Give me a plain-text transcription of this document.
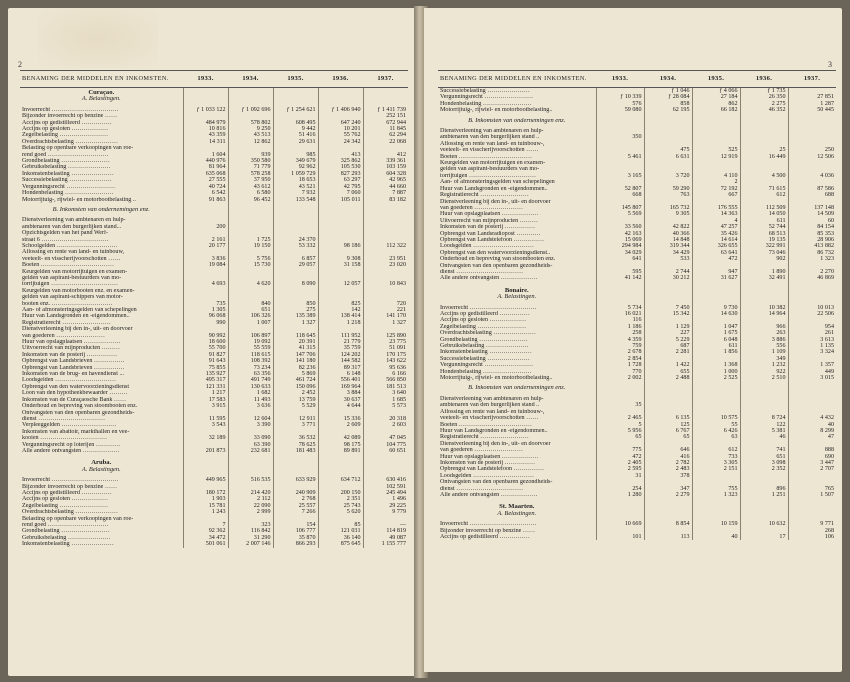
2
BENAMING DER MIDDELEN EN INKOMSTEN.	1933.	1934.	1935.	1936.	1937.
Curaçao.					
A. Belastingen.					

Invoerrecht ……………………………	ƒ 1 033 122	ƒ 1 092 696	ƒ 1 254 621	ƒ 1 406 940	ƒ 1 411 739
Bijzonder invoerrecht op benzine ……					252 151
Accijns op gedistilleerd ……………	484 979	578 802	608 495	647 240	672 944
Accijns op gesloten ………………	10 816	9 250	9 442	10 201	11 845
Zegelbelasting ……………………	43 359	43 513	51 416	55 762	62 294
Overdrachtsbelasting …………………	14 311	12 862	29 631	24 342	22 068
Belasting op openbare verkoopingen van roe-					
rend goed …………………………	1 604	939	985	413	412
Grondbelasting ……………………	440 976	350 580	349 679	325 862	339 361
Gebruiksbelasting …………………	81 964	71 779	92 962	105 530	103 159
Inkomstenbelasting …………………	635 068	578 258	1 059 729	827 293	604 328
Successiebelasting …………………	27 555	37 950	18 653	63 297	42 965
Vergunningsrecht ……………………	40 724	43 612	43 521	42 795	44 660
Hondenbelasting ……………………	6 542	6 580	7 932	7 060	7 887
Motorrijtuig-, rijwiel- en motorbootbelasting ..	91 863	96 452	133 548	105 011	83 182

B. Inkomsten van ondernemingen enz.					

Dienstverleening van ambtenaren en hulp-					
ambtenaren van den burgerlijken stand...	200				
Opzichtsgelden van het pand Werf-					
straat 6 ……………………………	2 161	1 725	24 370		
Schoolgelden …………………………	20 177	19 150	53 332	98 186	112 322
Aflossing en rente van land- en tuinbouw,					
veeteelt- en visscherijvoorschotten ……	3 836	5 756	6 857	9 308	23 951
Boeten ………………………………	19 084	15 730	29 057	31 158	23 020
Keurgelden van motorrijtuigen en examen-					
gelden van aspirant-bestuurders van mo-					
torrijtuigen ……………………………	4 693	4 620	8 090	12 057	10 843
Keurgelden van motorbooten enz. en examen-					
gelden van aspirant-schippers van motor-					
booten enz. …………………………	735	840	850	825	720
Aan- of afmonsteringsgelden van schepelingen	1 305	651	275	142	221
Huur van Landsgronden en -eigendommen..	96 068	106 326	135 389	138 414	141 170
Registratierecht ……………………	990	1 007	1 327	1 218	1 327
Dienstverleening bij den in-, uit- en doorvoer					
van goederen ……………………	90 992	106 897	118 645	111 952	125 890
Huur van opslagplaatsen ………………	18 600	19 092	20 391	21 779	23 775
Uitvoerrecht van mijnproducten ………	55 700	55 559	41 315	35 759	51 091
Inkomsten van de posterij ……………	91 827	118 615	147 706	124 202	170 175
Opbrengst van Landsbrieven ……………	91 643	108 392	141 180	144 582	143 622
Opbrengst van Landsbrieven ……………	75 855	73 234	82 236	89 317	95 636
Inkomsten van de brug- en havendienst ...	135 927	63 356	5 869	6 148	6 166
Loodsgelden …………………………	495 317	491 749	461 724	556 401	566 850
Opbrengst van den watervoorzieningsdienst	121 331	130 633	150 096	169 964	181 513
Loon van den hypotheekbewaarder ………	1 217	1 682	2 452	3 884	3 640
Inkomsten van de Curaçaosche Bank ……	17 583	11 493	13 759	30 637	1 685
Onderhoud en bepreving van stoombooten enz.	3 915	3 636	5 529	4 644	5 573
Ontvangsten van den openbaren gezondheids-					
dienst ……………………………	11 595	12 604	12 911	15 336	20 318
Verpleeggelden ………………………	3 543	3 390	3 771	2 609	2 603
Inkomsten van abattoir, markthallen en vee-					
kooien ……………………………	32 189	33 090	36 532	42 089	47 045
Vergunningsrecht op loterijen …………		63 390	78 625	98 175	104 775
Alle andere ontvangsten ………………	201 873	232 681	181 483	89 891	60 651

Aruba.					
A. Belastingen.					

Invoerrecht ……………………………	449 965	516 535	633 929	634 712	630 416
Bijzonder invoerrecht op benzine ……					102 591
Accijns op gedistilleerd ……………	180 172	214 420	240 909	200 150	245 494
Accijns op gesloten ………………	1 903	2 112	2 768	2 351	1 496
Zegelbelasting ……………………	15 781	22 090	25 557	25 743	29 225
Overdrachtsbelasting …………………	1 243	2 999	7 266	5 620	9 779
Belasting op openbare verkoopingen van roe-					
rend goed …………………………	7	323	154	85	—
Grondbelasting ……………………	92 362	116 842	106 777	121 031	114 819
Gebruiksbelasting …………………	34 472	31 290	35 870	36 140	49 087
Inkomstenbelasting …………………	501 061	2 007 146	866 293	875 645	1 155 777
3
BENAMING DER MIDDELEN EN INKOMSTEN.	1933.	1934.	1935.	1936.	1937.
Successiebelasting …………………		ƒ 1 046	ƒ 4 066	ƒ 1 735	
Vergunningsrecht ……………………	ƒ 10 339	ƒ 28 084	27 184	26 350	27 851
Hondenbelasting ……………………	576	858	862	2 275	1 287
Motorrijtuig-, rijwiel- en motorbootbelasting..	59 080	62 195	66 182	46 352	50 445

B. Inkomsten van ondernemingen enz.					

Dienstverleening van ambtenaren en hulp-					
ambtenaren van den burgerlijken stand ..	350				
Aflossing en rente van land- en tuinbouw-,					
veeteelt- en visscherijvoorschotten ……		475	525	25	250
Boeten ………………………………	5 461	6 631	12 919	16 449	12 506
Keurgelden van motorrijtuigen en examen-					
gelden van aspirant-bestuurders van mo-					
torrijtuigen ……………………………	3 165	3 720	4 110	4 500	4 036
Aan- of afmonsteringsgelden van schepelingen			2		
Huur van Landsgronden en -eigendommen..	52 807	59 290	72 192	71 615	87 586
Registratierecht ……………………	668	763	667	612	688
Dienstverleening bij den in-, uit- en doorvoer					
van goederen ……………………	145 807	165 732	176 555	112 509	137 148
Huur van opslagplaatsen ………………	5 569	9 305	14 363	14 050	14 509
Uitvoerrecht van mijnproducten ………			4	611	60
Inkomsten van de posterij ……………	33 560	42 822	47 257	52 744	84 154
Opbrengst van Landsradiopost …………	42 163	40 366	35 426	68 513	85 353
Opbrengst van Landstelefoon ……………	15 069	14 848	14 614	19 135	28 906
Loodsgelden …………………………	294 984	319 344	326 655	322 991	413 882
Opbrengst van den watervoorzieningsdienst..	34 029	34 429	63 641	73 046	86 732
Onderhoud en bepreving van stoombooten enz.	641	533	472	902	1 323
Ontvangsten van den openbaren gezondheids-					
dienst ……………………………	595	2 744	947	1 890	2 270
Alle andere ontvangsten ………………	41 142	30 212	31 627	32 491	46 869

Bonaire.					
A. Belastingen.					

Invoerrecht ……………………………	5 734	7 450	9 730	10 382	10 013
Accijns op gedistilleerd ……………	16 021	15 342	14 630	14 964	22 506
Accijns op gesloten ………………	116				
Zegelbelasting ……………………	1 186	1 129	1 047	966	954
Overdrachtsbelasting …………………	258	227	1 675	263	261
Grondbelasting ……………………	4 359	5 229	6 048	3 886	3 613
Gebruiksbelasting …………………	759	687	611	556	1 135
Inkomstenbelasting …………………	2 678	2 281	1 856	1 109	3 324
Successiebelasting …………………	2 854			349	
Vergunningsrecht ……………………	1 728	1 422	1 368	1 232	1 357
Hondenbelasting ……………………	770	655	1 000	922	449
Motorrijtuig-, rijwiel- en motorbootbelasting..	2 002	2 488	2 525	2 510	3 015

B. Inkomsten van ondernemingen enz.					

Dienstverleening van ambtenaren en hulp-					
ambtenaren van den burgerlijken stand ..	35				
Aflossing en rente van land- en tuinbouw-,					
veeteelt- en visscherijvoorschotten ……	2 465	6 135	10 575	8 724	4 432
Boeten ………………………………	5	125	55	122	40
Huur van Landsgronden en -eigendommen..	5 956	6 767	6 426	5 381	8 299
Registratierecht ……………………	65	65	63	46	47
Dienstverleening bij den in-, uit- en doorvoer					
van goederen ……………………	775	646	612	741	888
Huur van opslagplaatsen ………………	472	416	733	651	690
Inkomsten van de posterij ……………	2 405	2 782	3 305	3 098	3 447
Opbrengst van Landstelefoon ……………	2 595	2 483	2 151	2 352	2 707
Loodsgelden …………………………	31	378			
Ontvangsten van den openbaren gezondheids-					
dienst ……………………………	254	347	755	896	765
Alle andere ontvangsten ………………	1 280	2 279	1 323	1 251	1 507

St. Maarten.					
A. Belastingen.					

Invoerrecht ……………………………	10 669	8 854	10 159	10 632	9 771
Bijzonder invoerrecht op benzine ……					268
Accijns op gedistilleerd ……………	101	113	40	17	106
